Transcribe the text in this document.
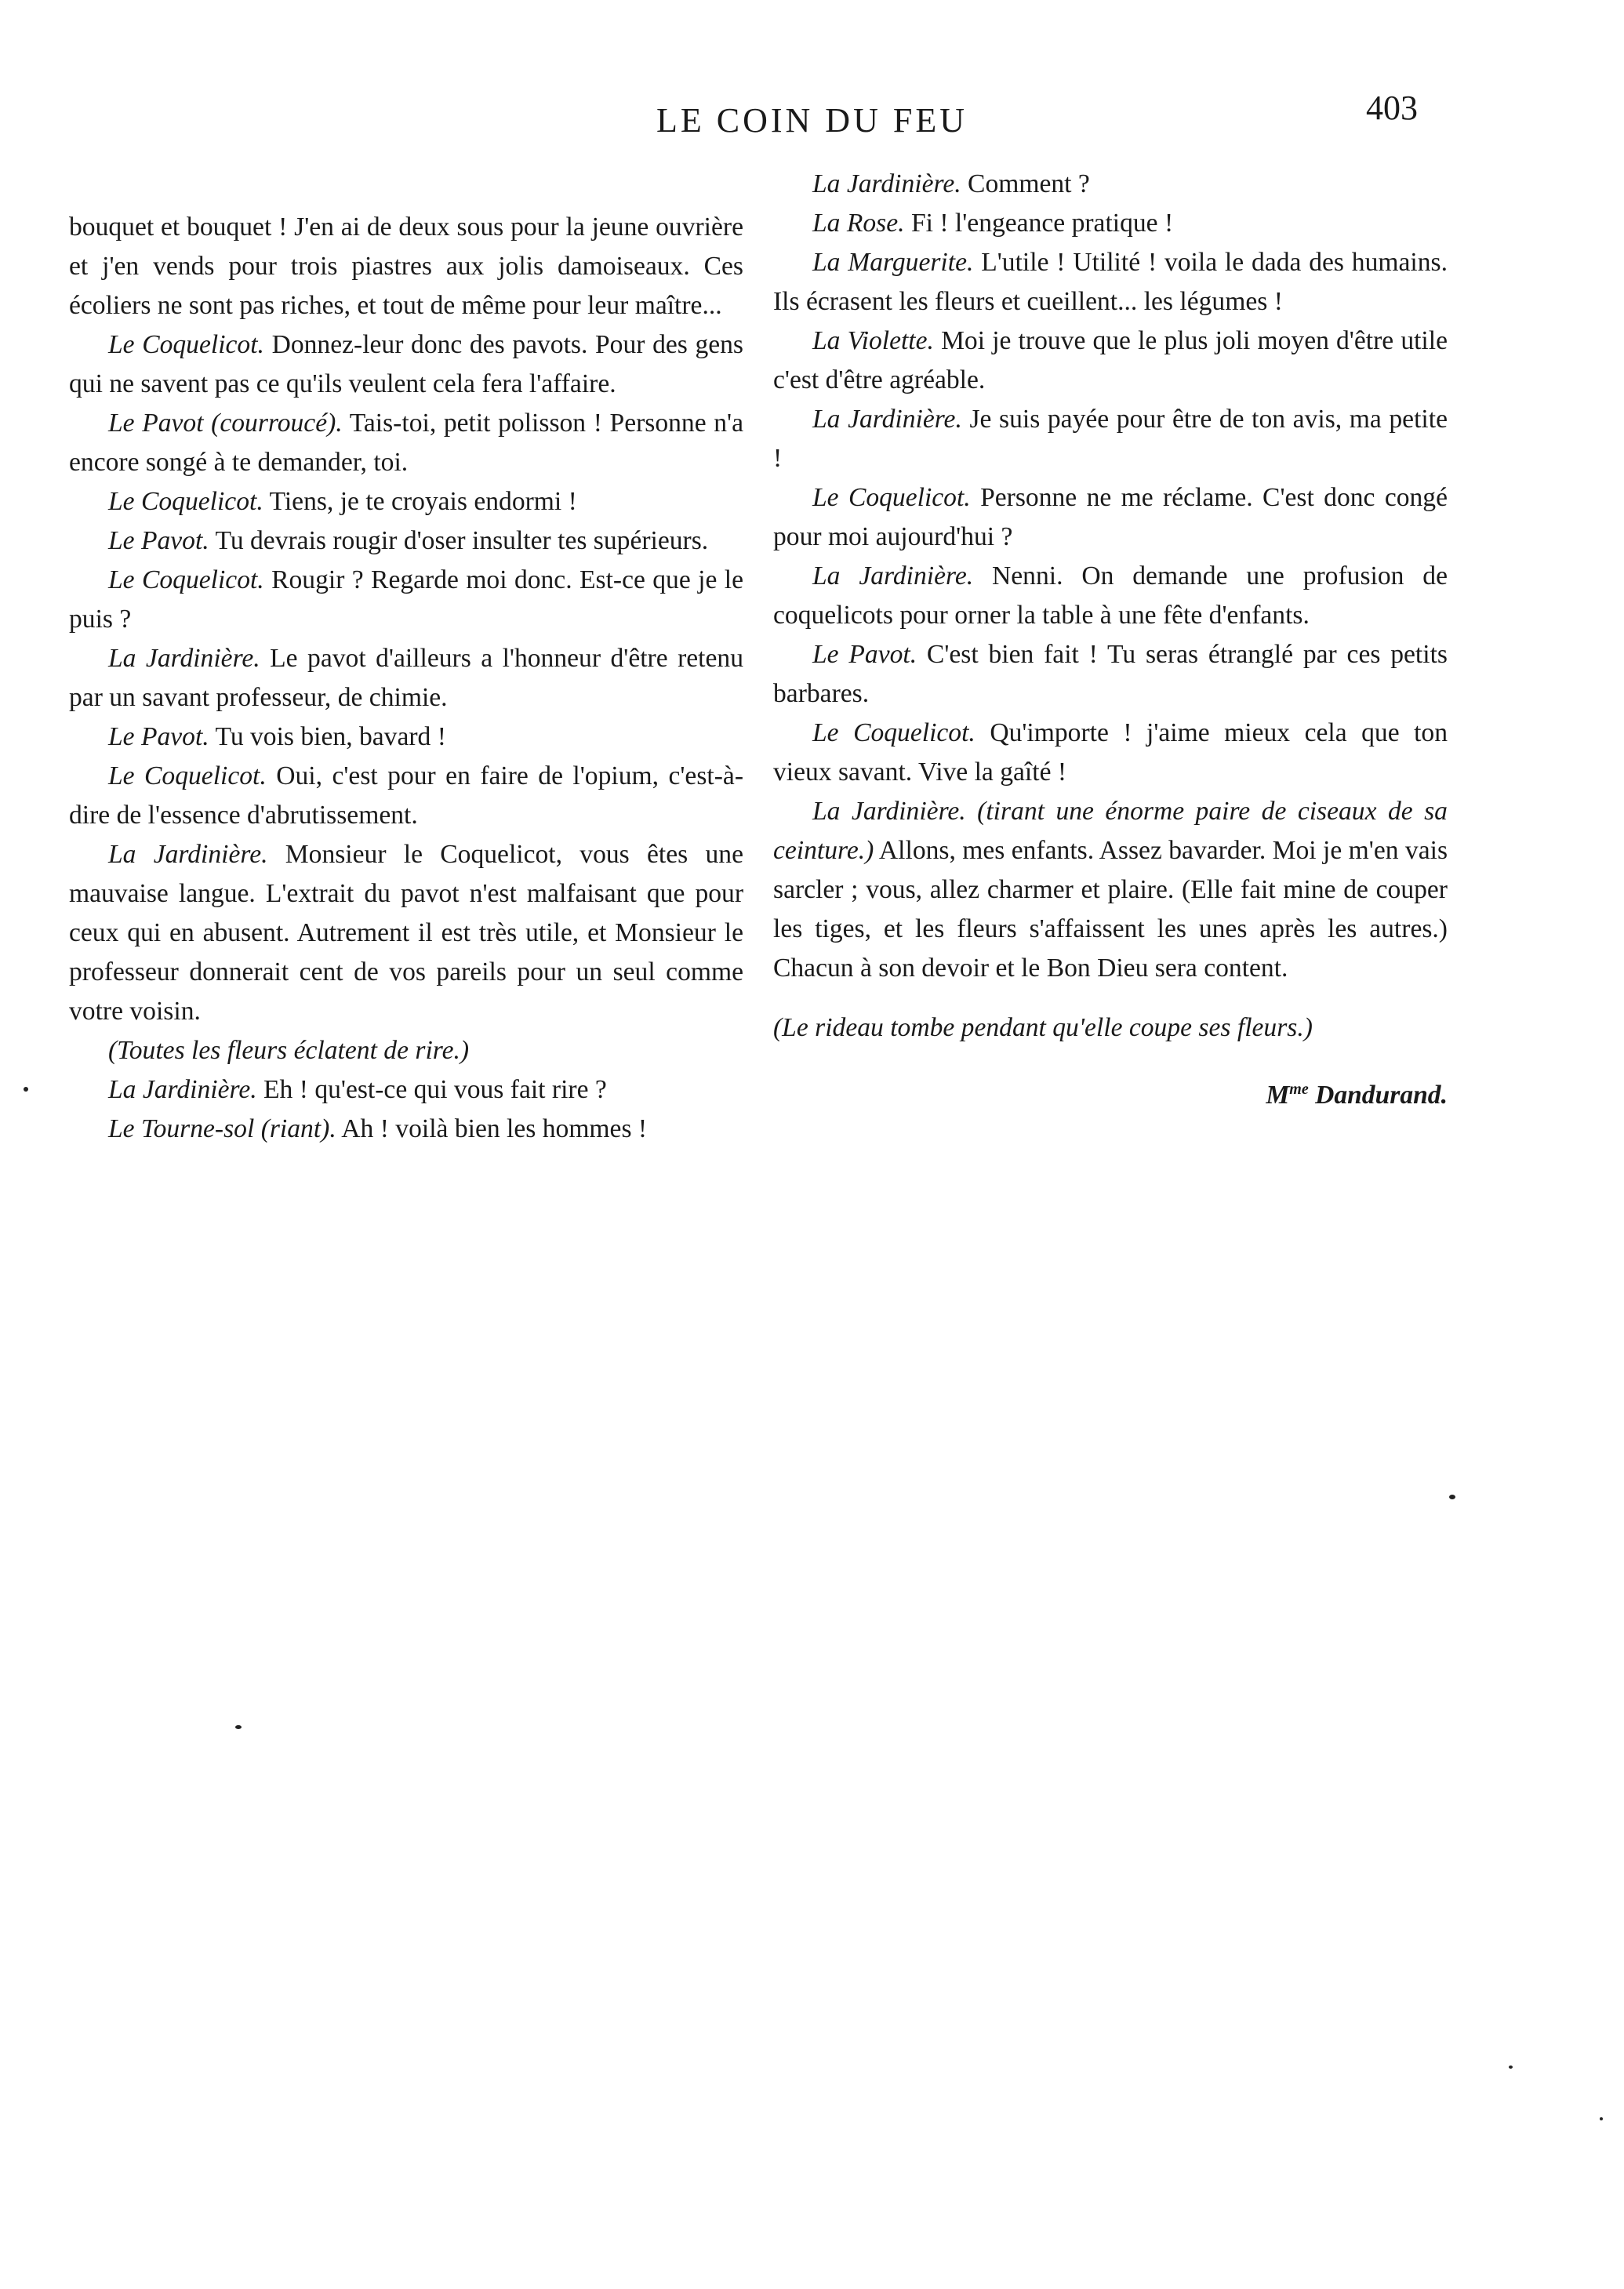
LE COIN DU FEU	403

bouquet et bouquet ! J'en ai de deux sous pour la jeune ouvrière et j'en vends pour trois piastres aux jolis damoiseaux. Ces écoliers ne sont pas riches, et tout de même pour leur maître...

Le Coquelicot. Donnez-leur donc des pavots. Pour des gens qui ne savent pas ce qu'ils veulent cela fera l'affaire.

Le Pavot (courroucé). Tais-toi, petit polisson ! Personne n'a encore songé à te demander, toi.

Le Coquelicot. Tiens, je te croyais endormi !

Le Pavot. Tu devrais rougir d'oser insulter tes supérieurs.

Le Coquelicot. Rougir ? Regarde moi donc. Est-ce que je le puis ?

La Jardinière. Le pavot d'ailleurs a l'honneur d'être retenu par un savant professeur, de chimie.

Le Pavot. Tu vois bien, bavard !

Le Coquelicot. Oui, c'est pour en faire de l'opium, c'est-à-dire de l'essence d'abrutissement.

La Jardinière. Monsieur le Coquelicot, vous êtes une mauvaise langue. L'extrait du pavot n'est malfaisant que pour ceux qui en abusent. Autrement il est très utile, et Monsieur le professeur donnerait cent de vos pareils pour un seul comme votre voisin.

(Toutes les fleurs éclatent de rire.)

La Jardinière. Eh ! qu'est-ce qui vous fait rire ?

Le Tourne-sol (riant). Ah ! voilà bien les hommes !

La Jardinière. Comment ?

La Rose. Fi ! l'engeance pratique !

La Marguerite. L'utile ! Utilité ! voila le dada des humains. Ils écrasent les fleurs et cueillent... les légumes !

La Violette. Moi je trouve que le plus joli moyen d'être utile c'est d'être agréable.

La Jardinière. Je suis payée pour être de ton avis, ma petite !

Le Coquelicot. Personne ne me réclame. C'est donc congé pour moi aujourd'hui ?

La Jardinière. Nenni. On demande une profusion de coquelicots pour orner la table à une fête d'enfants.

Le Pavot. C'est bien fait ! Tu seras étranglé par ces petits barbares.

Le Coquelicot. Qu'importe ! j'aime mieux cela que ton vieux savant. Vive la gaîté !

La Jardinière. (tirant une énorme paire de ciseaux de sa ceinture.) Allons, mes enfants. Assez bavarder. Moi je m'en vais sarcler ; vous, allez charmer et plaire. (Elle fait mine de couper les tiges, et les fleurs s'affaissent les unes après les autres.) Chacun à son devoir et le Bon Dieu sera content.

(Le rideau tombe pendant qu'elle coupe ses fleurs.)

$M^{me}$ Dandurand.
